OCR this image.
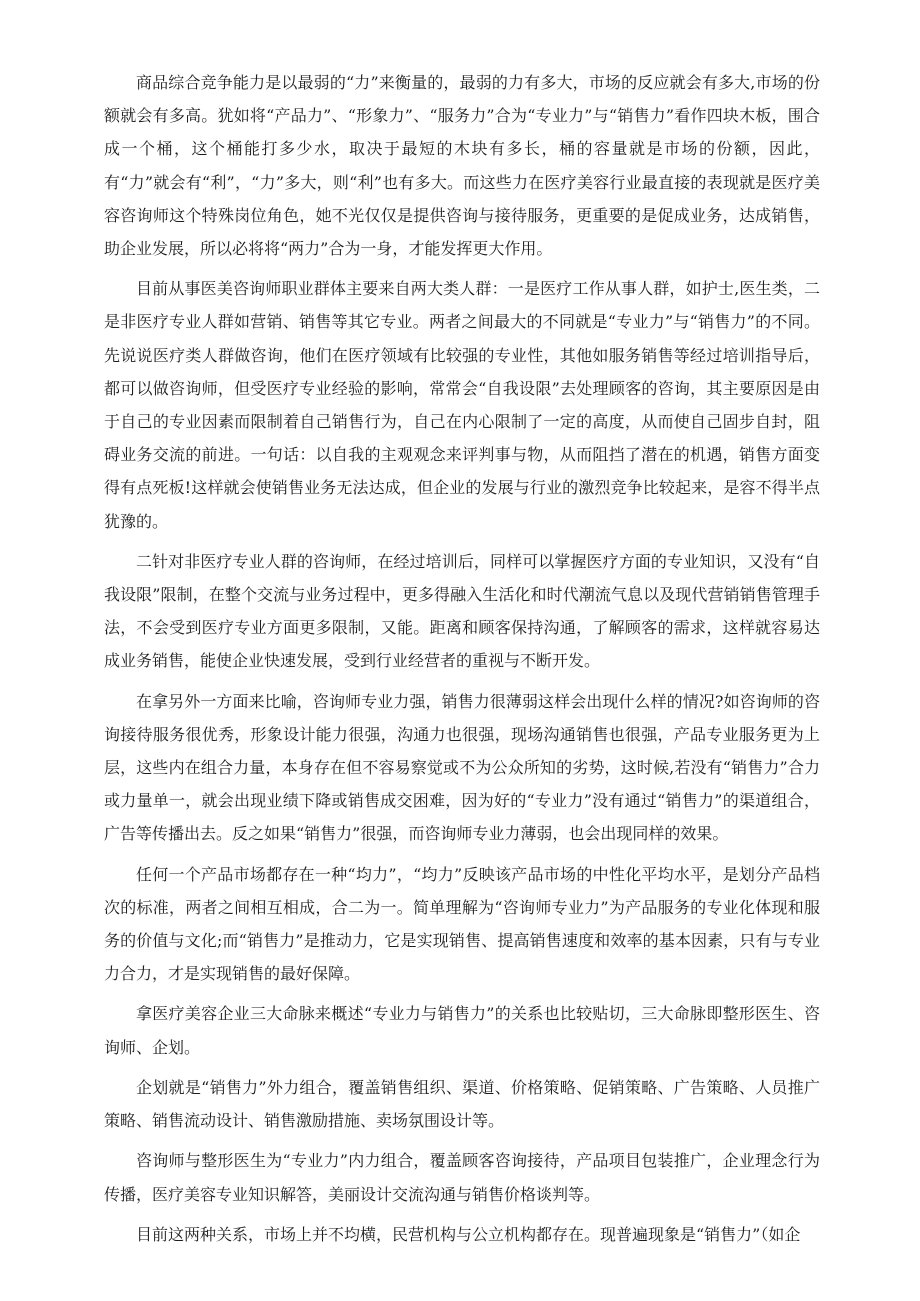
商品综合竞争能力是以最弱的“力”来衡量的，最弱的力有多大，市场的反应就会有多大,市场的份额就会有多高。犹如将“产品力”、“形象力”、“服务力”合为“专业力”与“销售力”看作四块木板，围合成一个桶，这个桶能打多少水，取决于最短的木块有多长，桶的容量就是市场的份额，因此，有“力”就会有“利”，“力”多大，则“利”也有多大。而这些力在医疗美容行业最直接的表现就是医疗美容咨询师这个特殊岗位角色，她不光仅仅是提供咨询与接待服务，更重要的是促成业务，达成销售，助企业发展，所以必将将“两力”合为一身，才能发挥更大作用。

目前从事医美咨询师职业群体主要来自两大类人群：一是医疗工作从事人群，如护士,医生类，二是非医疗专业人群如营销、销售等其它专业。两者之间最大的不同就是“专业力”与“销售力”的不同。先说说医疗类人群做咨询，他们在医疗领域有比较强的专业性，其他如服务销售等经过培训指导后，都可以做咨询师，但受医疗专业经验的影响，常常会“自我设限”去处理顾客的咨询，其主要原因是由于自己的专业因素而限制着自己销售行为，自己在内心限制了一定的高度，从而使自己固步自封，阻碍业务交流的前进。一句话：以自我的主观观念来评判事与物，从而阻挡了潜在的机遇，销售方面变得有点死板!这样就会使销售业务无法达成，但企业的发展与行业的激烈竞争比较起来，是容不得半点犹豫的。

二针对非医疗专业人群的咨询师，在经过培训后，同样可以掌握医疗方面的专业知识，又没有“自我设限”限制，在整个交流与业务过程中，更多得融入生活化和时代潮流气息以及现代营销销售管理手法，不会受到医疗专业方面更多限制，又能。距离和顾客保持沟通，了解顾客的需求，这样就容易达成业务销售，能使企业快速发展，受到行业经营者的重视与不断开发。

在拿另外一方面来比喻，咨询师专业力强，销售力很薄弱这样会出现什么样的情况?如咨询师的咨询接待服务很优秀，形象设计能力很强，沟通力也很强，现场沟通销售也很强，产品专业服务更为上层，这些内在组合力量，本身存在但不容易察觉或不为公众所知的劣势，这时候,若没有“销售力”合力或力量单一，就会出现业绩下降或销售成交困难，因为好的“专业力”没有通过“销售力”的渠道组合，广告等传播出去。反之如果“销售力”很强，而咨询师专业力薄弱，也会出现同样的效果。

任何一个产品市场都存在一种“均力”，“均力”反映该产品市场的中性化平均水平，是划分产品档次的标准，两者之间相互相成，合二为一。简单理解为“咨询师专业力”为产品服务的专业化体现和服务的价值与文化;而“销售力”是推动力，它是实现销售、提高销售速度和效率的基本因素，只有与专业力合力，才是实现销售的最好保障。

拿医疗美容企业三大命脉来概述“专业力与销售力”的关系也比较贴切，三大命脉即整形医生、咨询师、企划。

企划就是“销售力”外力组合，覆盖销售组织、渠道、价格策略、促销策略、广告策略、人员推广策略、销售流动设计、销售激励措施、卖场氛围设计等。

咨询师与整形医生为“专业力”内力组合，覆盖顾客咨询接待，产品项目包装推广，企业理念行为传播，医疗美容专业知识解答，美丽设计交流沟通与销售价格谈判等。

目前这两种关系，市场上并不均横，民营机构与公立机构都存在。现普遍现象是“销售力”（如企
